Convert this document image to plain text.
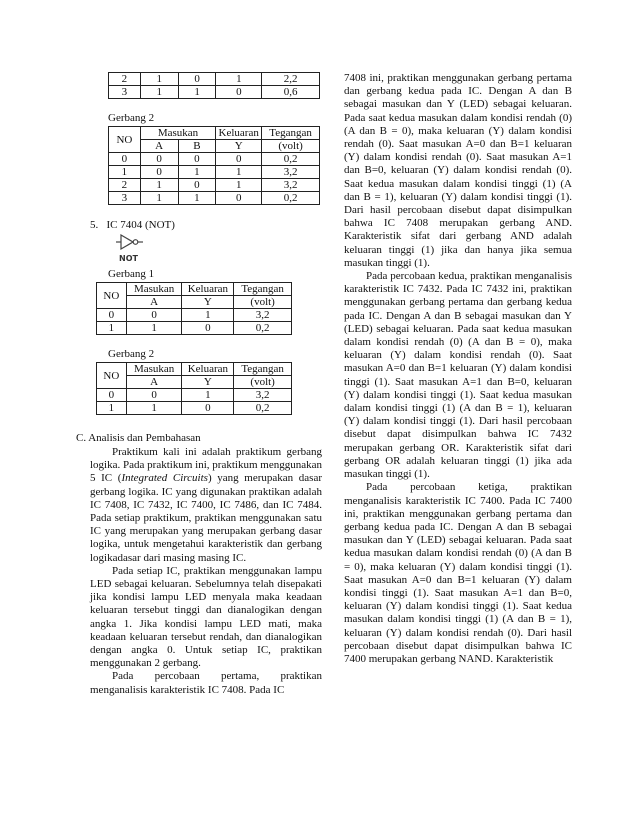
2	1	0	1	2,2
3	1	1	0	0,6
Gerbang 2
NO	Masukan		Keluaran	Tegangan
	A	B	Y	(volt)
0	0	0	0	0,2
1	0	1	1	3,2
2	1	0	1	3,2
3	1	1	0	0,2
5.   IC 7404 (NOT)
NOT
Gerbang 1
NO	Masukan	Keluaran	Tegangan
	A	Y	(volt)
0	0	1	3,2
1	1	0	0,2
Gerbang 2
NO	Masukan	Keluaran	Tegangan
	A	Y	(volt)
0	0	1	3,2
1	1	0	0,2
C. Analisis dan Pembahasan

Praktikum kali ini adalah praktikum gerbang logika. Pada praktikum ini, praktikum menggunakan 5 IC (Integrated Circuits) yang merupakan dasar gerbang logika. IC yang digunakan praktikan adalah IC 7408, IC 7432, IC 7400, IC 7486, dan IC 7484. Pada setiap praktikum, praktikan menggunakan satu IC yang merupakan yang merupakan gerbang dasar logika, untuk mengetahui karakteristik dan gerbang logikadasar dari masing masing IC.

Pada setiap IC, praktikan menggunakan lampu LED sebagai keluaran. Sebelumnya telah disepakati jika kondisi lampu LED menyala maka keadaan keluaran tersebut tinggi dan dianalogikan dengan angka 1. Jika kondisi lampu LED mati, maka keadaan keluaran tersebut rendah, dan dianalogikan dengan angka 0. Untuk setiap IC, praktikan menggunakan 2 gerbang.

Pada percobaan pertama, praktikan menganalisis karakteristik IC 7408. Pada IC

7408 ini, praktikan menggunakan gerbang pertama dan gerbang kedua pada IC. Dengan A dan B sebagai masukan dan Y (LED) sebagai keluaran. Pada saat kedua masukan dalam kondisi rendah (0) (A dan B = 0), maka keluaran (Y) dalam kondisi rendah (0). Saat masukan A=0 dan B=1 keluaran (Y) dalam kondisi rendah (0). Saat masukan A=1 dan B=0, keluaran (Y) dalam kondisi rendah (0). Saat kedua masukan dalam kondisi tinggi (1) (A dan B = 1), keluaran (Y) dalam kondisi tinggi (1). Dari hasil percobaan disebut dapat disimpulkan bahwa IC 7408 merupakan gerbang AND. Karakteristik sifat dari gerbang AND adalah keluaran tinggi (1) jika dan hanya jika semua masukan tinggi (1).

Pada percobaan kedua, praktikan menganalisis karakteristik IC 7432. Pada IC 7432 ini, praktikan menggunakan gerbang pertama dan gerbang kedua pada IC. Dengan A dan B sebagai masukan dan Y (LED) sebagai keluaran. Pada saat kedua masukan dalam kondisi rendah (0) (A dan B = 0), maka keluaran (Y) dalam kondisi rendah (0). Saat masukan A=0 dan B=1 keluaran (Y) dalam kondisi tinggi (1). Saat masukan A=1 dan B=0, keluaran (Y) dalam kondisi tinggi (1). Saat kedua masukan dalam kondisi tinggi (1) (A dan B = 1), keluaran (Y) dalam kondisi tinggi (1). Dari hasil percobaan disebut dapat disimpulkan bahwa IC 7432 merupakan gerbang OR. Karakteristik sifat dari gerbang OR adalah keluaran tinggi (1) jika ada masukan tinggi (1).

Pada percobaan ketiga, praktikan menganalisis karakteristik IC 7400. Pada IC 7400 ini, praktikan menggunakan gerbang pertama dan gerbang kedua pada IC. Dengan A dan B sebagai masukan dan Y (LED) sebagai keluaran. Pada saat kedua masukan dalam kondisi rendah (0) (A dan B = 0), maka keluaran (Y) dalam kondisi tinggi (1). Saat masukan A=0 dan B=1 keluaran (Y) dalam kondisi tinggi (1). Saat masukan A=1 dan B=0, keluaran (Y) dalam kondisi tinggi (1). Saat kedua masukan dalam kondisi tinggi (1) (A dan B = 1), keluaran (Y) dalam kondisi rendah (0). Dari hasil percobaan disebut dapat disimpulkan bahwa IC 7400 merupakan gerbang NAND. Karakteristik
